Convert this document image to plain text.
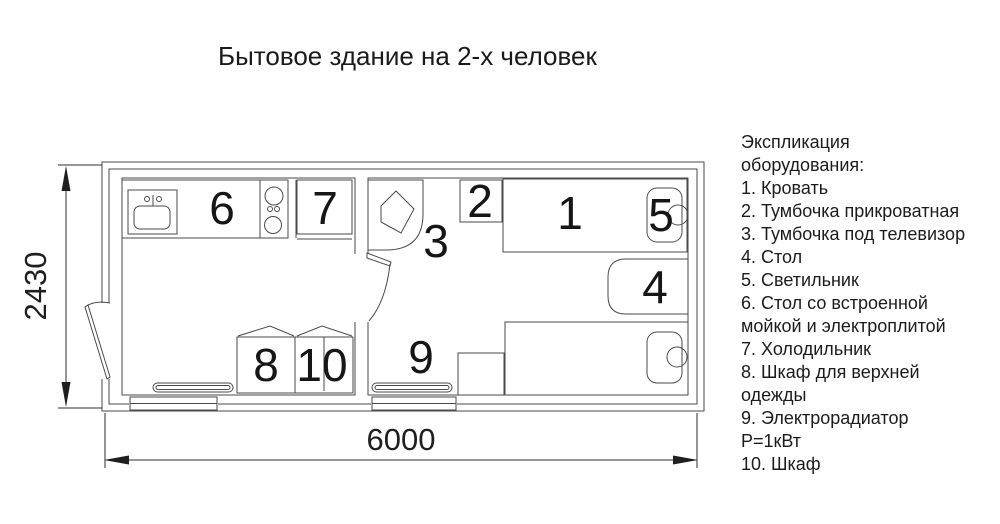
Бытовое здание на 2-х человек
Экспликация
оборудования:
1. Кровать
2. Тумбочка прикроватная
3. Тумбочка под телевизор
4. Стол
5. Светильник
6. Стол со встроенной
мойкой и электроплитой
7. Холодильник
8. Шкаф для верхней
одежды
9. Электрорадиатор
Р=1кВт
10. Шкаф
2430
6000
1
2
3
4
5
6 7
8	9
10
